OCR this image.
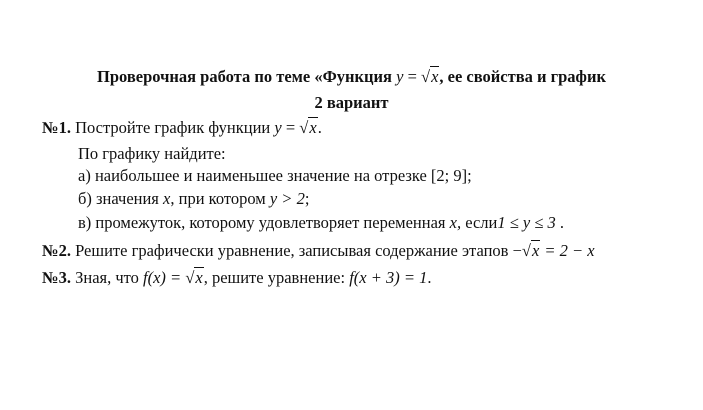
Проверочная работа по теме «Функция y = √x, ее свойства и график
2 вариант
№1. Постройте график функции y = √x.
По графику найдите:
а) наибольшее и наименьшее значение на отрезке [2; 9];
б) значения x, при котором y > 2;
в) промежуток, которому удовлетворяет переменная x, если1 ≤ y ≤ 3 .
№2. Решите графически уравнение, записывая содержание этапов −√x = 2 − x
№3. Зная, что f(x) = √x, решите уравнение: f(x + 3) = 1.
